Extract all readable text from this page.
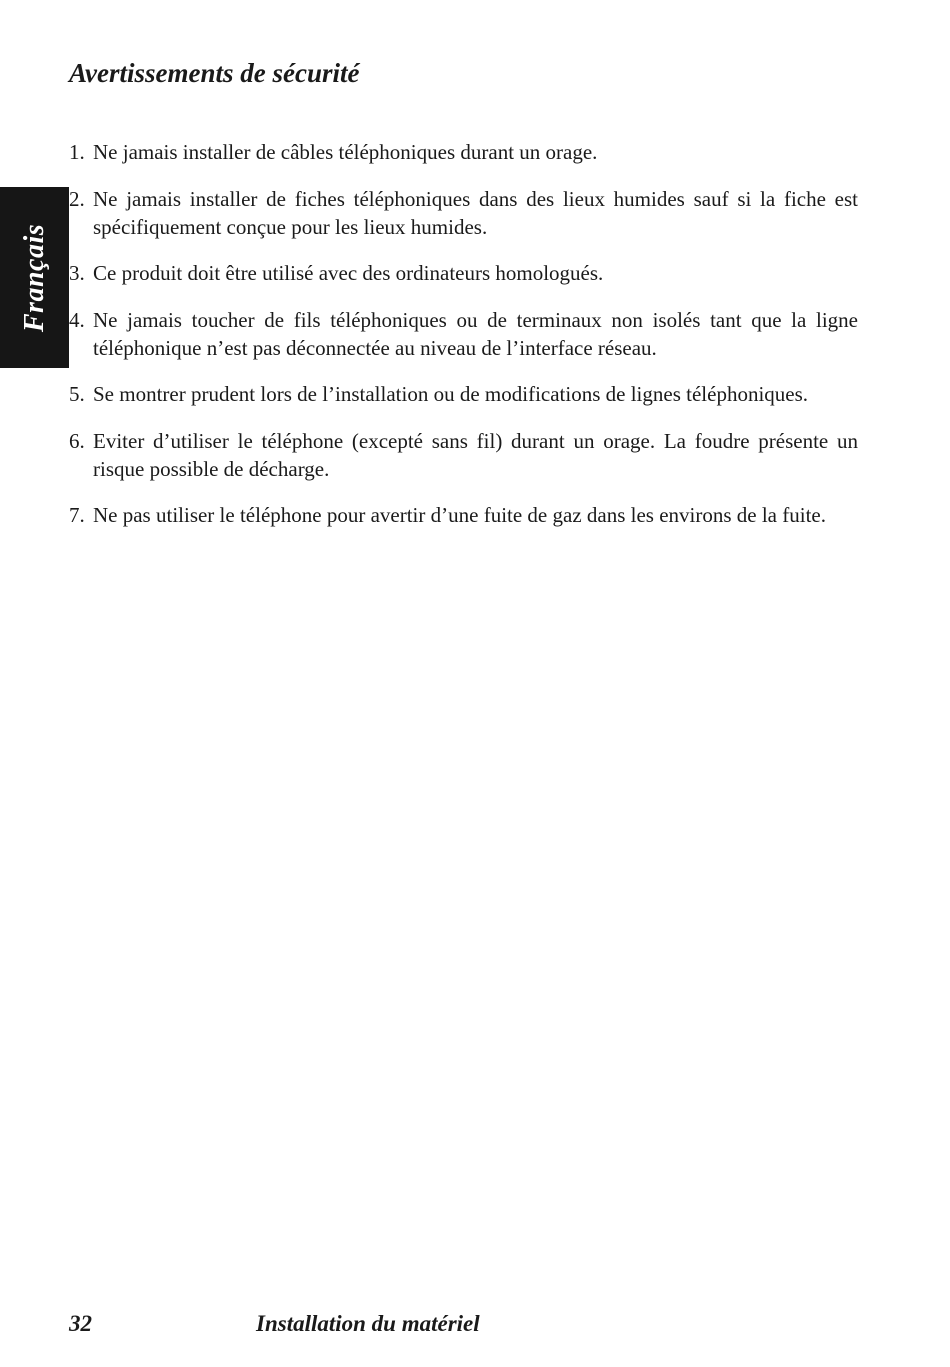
Avertissements de sécurité
Français
1. Ne jamais installer de câbles téléphoniques durant un orage.
2. Ne jamais installer de fiches téléphoniques dans des lieux humides sauf si la fiche est spécifiquement conçue pour les lieux humides.
3. Ce produit doit être utilisé avec des ordinateurs homologués.
4. Ne jamais toucher de fils téléphoniques ou de terminaux non isolés tant que la ligne téléphonique n’est pas déconnectée au niveau de l’interface réseau.
5. Se montrer prudent lors de l’installation ou de modifications de lignes téléphoniques.
6. Eviter d’utiliser le téléphone (excepté sans fil) durant un orage. La foudre présente un risque possible de décharge.
7. Ne pas utiliser le téléphone pour avertir d’une fuite de gaz dans les environs de la fuite.
32	Installation du matériel
